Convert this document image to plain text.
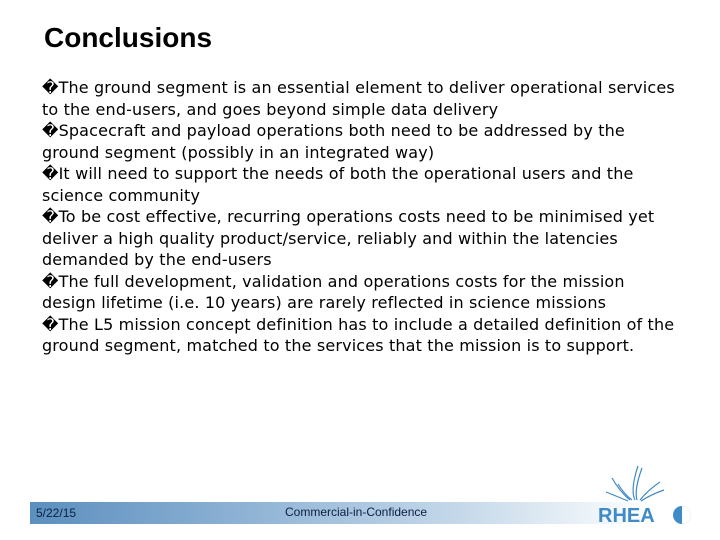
Conclusions
�The ground segment is an essential element to deliver operational services to the end-users, and goes beyond simple data delivery
�Spacecraft and payload operations both need to be addressed by the ground segment (possibly in an integrated way)
�It will need to support the needs of both the operational users and the science community
�To be cost effective, recurring operations costs need to be minimised yet deliver a high quality product/service, reliably and within the latencies demanded by the end-users
�The full development, validation and operations costs for the mission design lifetime (i.e. 10 years) are rarely reflected in science missions
�The L5 mission concept definition has to include a detailed definition of the ground segment, matched to the services that the mission is to support.
5/22/15	Commercial-in-Confidence	RHEA
